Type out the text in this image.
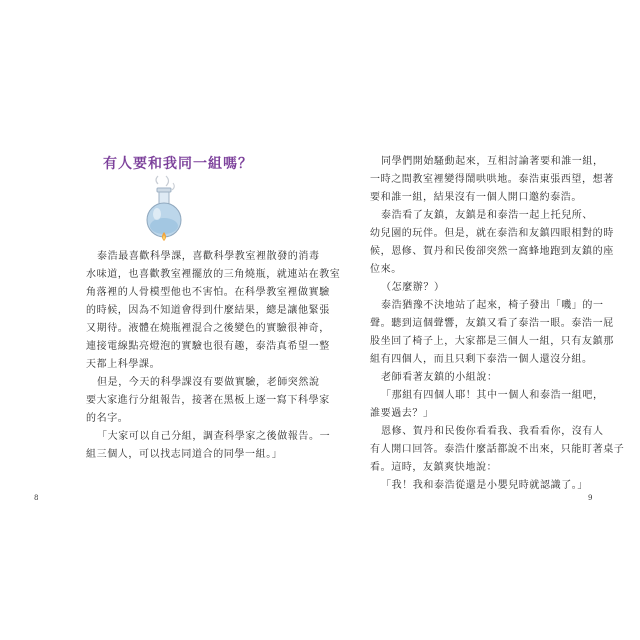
有人要和我同一組嗎？

泰浩最喜歡科學課，喜歡科學教室裡散發的消毒

水味道，也喜歡教室裡擺放的三角燒瓶，就連站在教室

角落裡的人骨模型他也不害怕。在科學教室裡做實驗

的時候，因為不知道會得到什麼結果，總是讓他緊張

又期待。液體在燒瓶裡混合之後變色的實驗很神奇，

連接電線點亮燈泡的實驗也很有趣，泰浩真希望一整

天都上科學課。

但是，今天的科學課沒有要做實驗，老師突然說

要大家進行分組報告，接著在黑板上逐一寫下科學家

的名字。

「大家可以自己分組，調查科學家之後做報告。一

組三個人，可以找志同道合的同學一組。」

8

同學們開始騷動起來，互相討論著要和誰一組，

一時之間教室裡變得鬧哄哄地。泰浩東張西望，想著

要和誰一組，結果沒有一個人開口邀約泰浩。

泰浩看了友鎮，友鎮是和泰浩一起上托兒所、

幼兒園的玩伴。但是，就在泰浩和友鎮四眼相對的時

候，恩修、賀丹和民俊卻突然一窩蜂地跑到友鎮的座

位來。

（怎麼辦？）

泰浩猶豫不決地站了起來，椅子發出「嘰」的一

聲。聽到這個聲響，友鎮又看了泰浩一眼。泰浩一屁

股坐回了椅子上，大家都是三個人一組，只有友鎮那

組有四個人，而且只剩下泰浩一個人還沒分組。

老師看著友鎮的小組說：

「那組有四個人耶！其中一個人和泰浩一組吧，

誰要過去？」

恩修、賀丹和民俊你看看我、我看看你，沒有人

有人開口回答。泰浩什麼話都說不出來，只能盯著桌子

看。這時，友鎮爽快地說：

「我！我和泰浩從還是小嬰兒時就認識了。」

9
